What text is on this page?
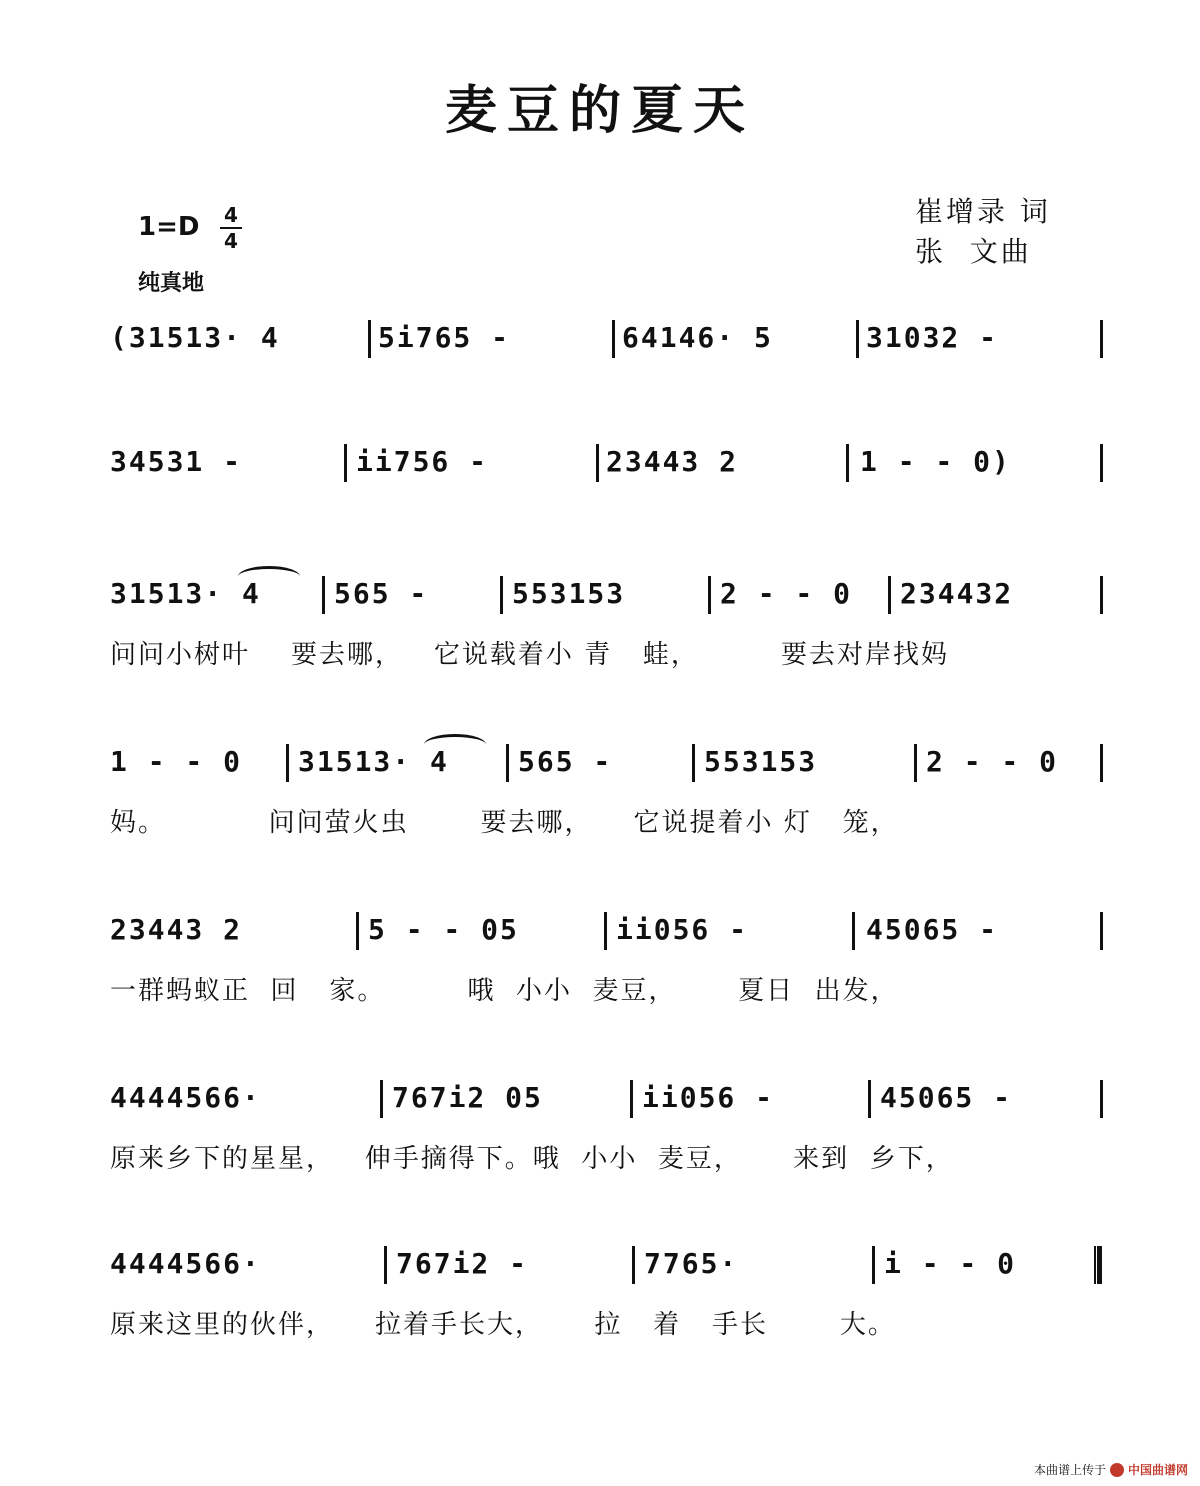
麦豆的夏天
崔增录 词
张  文曲
1=D 4
4
纯真地
(31513· 4	5i765 -	64146· 5	31032 -
34531 -	ii756 -	23443 2	1 - - 0)
31513· 4	565 -	553153	2 - - 0 234432
问问小树叶    要去哪，   它说载着小 青   蛙，        要去对岸找妈
1 - - 0 31513· 4 565 -	553153	2 - - 0
妈。          问问萤火虫       要去哪，    它说提着小 灯   笼，
23443 2	5 - - 05	ii056 -	45065 -
一群蚂蚁正  回   家。        哦  小小  麦豆，      夏日  出发，
4444566·	767i2 05	ii056 -	45065 -
原来乡下的星星，   伸手摘得下。哦  小小  麦豆，     来到  乡下，
4444566·	767i2 -	7765·	i - - 0
原来这里的伙伴，    拉着手长大，     拉   着   手长       大。
本曲谱上传于 中国曲谱网
